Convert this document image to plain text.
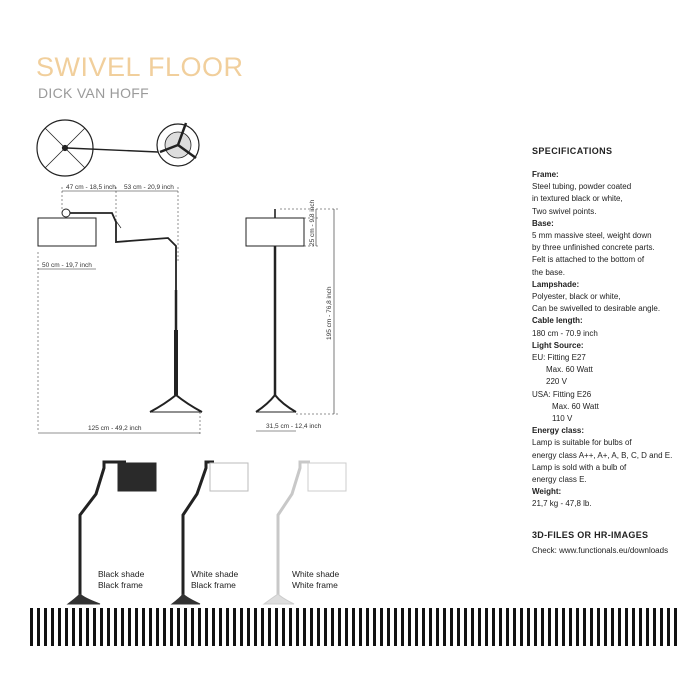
SWIVEL FLOOR
DICK VAN HOFF
47 cm - 18,5 inch 53 cm - 20,9 inch
50 cm - 19,7 inch
125 cm - 49,2 inch
25 cm - 9,8 inch
195 cm - 76,8 inch
31,5 cm - 12,4 inch
Black shade
Black frame
White shade
Black frame
White shade
White frame
SPECIFICATIONS
Frame:
Steel tubing, powder coated
in textured black or white,
Two swivel points.
Base:
5 mm massive steel, weight down
by three unfinished concrete parts.
Felt is attached to the bottom of
the base.
Lampshade:
Polyester, black or white,
Can be swivelled to desirable angle.
Cable length:
180 cm - 70.9 inch
Light Source:
EU: Fitting E27
Max. 60 Watt
220 V
USA: Fitting E26
Max. 60 Watt
110 V
Energy class:
Lamp is suitable for bulbs of
energy class A++, A+, A, B, C, D and E.
Lamp is sold with a bulb of
energy class E.
Weight:
21,7 kg - 47,8 lb.
3D-FILES OR HR-IMAGES
Check: www.functionals.eu/downloads
